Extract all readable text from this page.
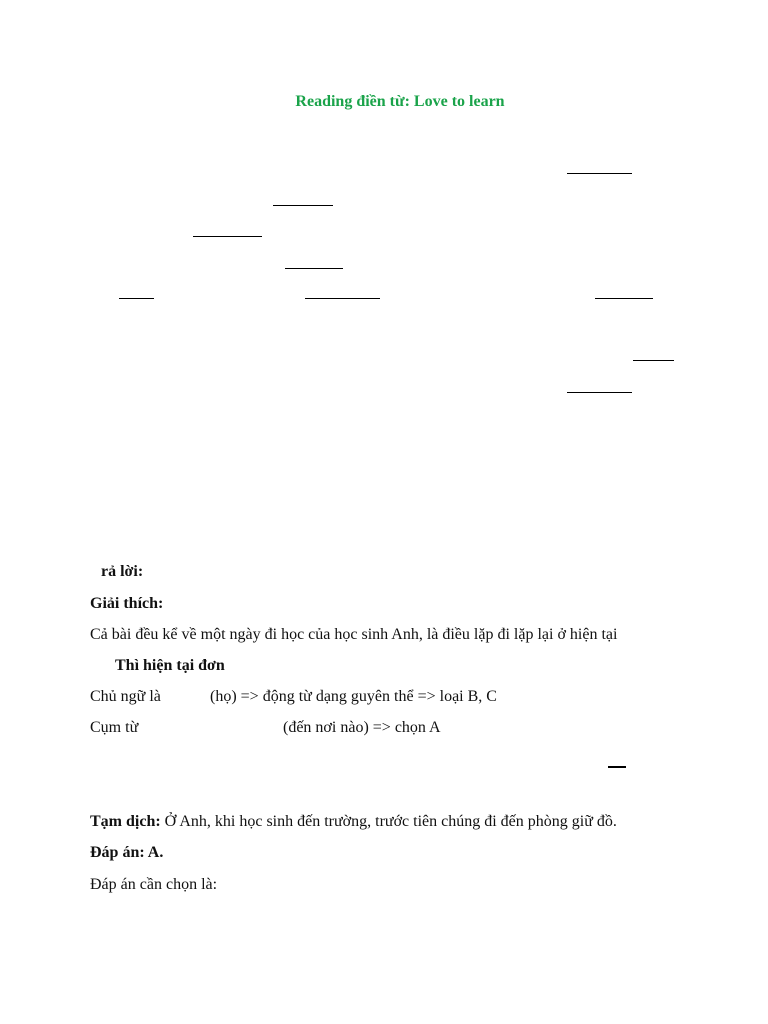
Reading điền từ: Love to learn
rả lời:
Giải thích:
Cả bài đều kể về một ngày đi học của học sinh Anh, là điều lặp đi lặp lại ở hiện tại
Thì hiện tại đơn
Chủ ngữ là	(họ) => động từ dạng guyên thể => loại B, C
Cụm từ	(đến nơi nào) => chọn A
Tạm dịch: Ở Anh, khi học sinh đến trường, trước tiên chúng đi đến phòng giữ đồ.
Đáp án: A.
Đáp án cần chọn là:
